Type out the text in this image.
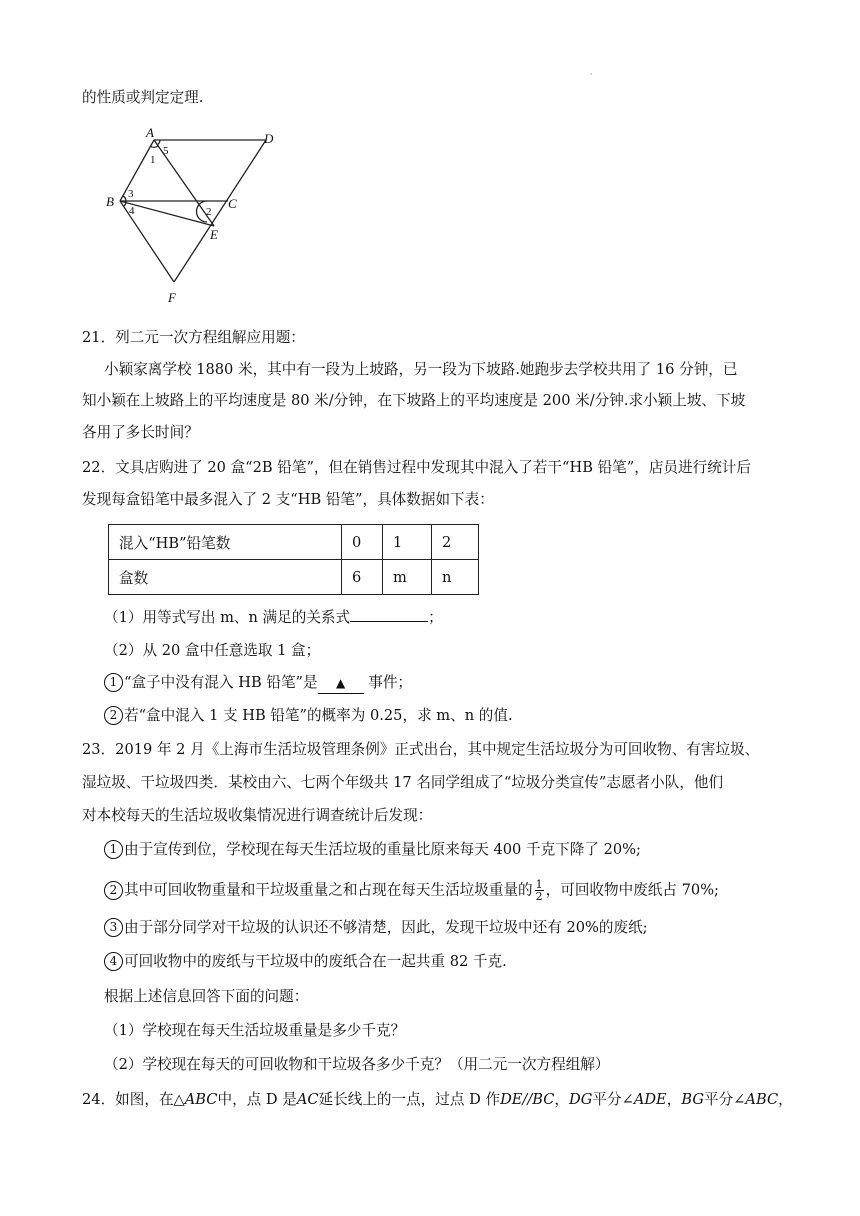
·
的性质或判定定理.
A	D
B	C
E
F
1
2
3
4
5
21．列二元一次方程组解应用题：
小颖家离学校 1880 米，其中有一段为上坡路，另一段为下坡路.她跑步去学校共用了 16 分钟，已
知小颖在上坡路上的平均速度是 80 米/分钟，在下坡路上的平均速度是 200 米/分钟.求小颖上坡、下坡
各用了多长时间？
22．文具店购进了 20 盒“2B 铅笔”，但在销售过程中发现其中混入了若干“HB 铅笔”，店员进行统计后
发现每盒铅笔中最多混入了 2 支“HB 铅笔”，具体数据如下表：
混入“HB”铅笔数	0	1	2
盒数	6	m	n
（1）用等式写出 m、n 满足的关系式	；
（2）从 20 盒中任意选取 1 盒；
1 “盒子中没有混入 HB 铅笔”是 ▲ 事件；
2 若“盒中混入 1 支 HB 铅笔”的概率为 0.25，求 m、n 的值.
23．2019 年 2 月《上海市生活垃圾管理条例》正式出台，其中规定生活垃圾分为可回收物、有害垃圾、
湿垃圾、干垃圾四类．某校由六、七两个年级共 17 名同学组成了“垃圾分类宣传”志愿者小队，他们
对本校每天的生活垃圾收集情况进行调查统计后发现：
1 由于宣传到位，学校现在每天生活垃圾的重量比原来每天 400 千克下降了 20%;
2 其中可回收物重量和干垃圾重量之和占现在每天生活垃圾重量的 $\frac{1}{2}$ ，可回收物中废纸占 70%;
3 由于部分同学对干垃圾的认识还不够清楚，因此，发现干垃圾中还有 20%的废纸;
4 可回收物中的废纸与干垃圾中的废纸合在一起共重 82 千克.
根据上述信息回答下面的问题：
（1）学校现在每天生活垃圾重量是多少千克？
（2）学校现在每天的可回收物和干垃圾各多少千克？（用二元一次方程组解）
24．如图，在△ABC中，点 D 是AC延长线上的一点，过点 D 作DE//BC，DG平分∠ADE，BG平分∠ABC，
